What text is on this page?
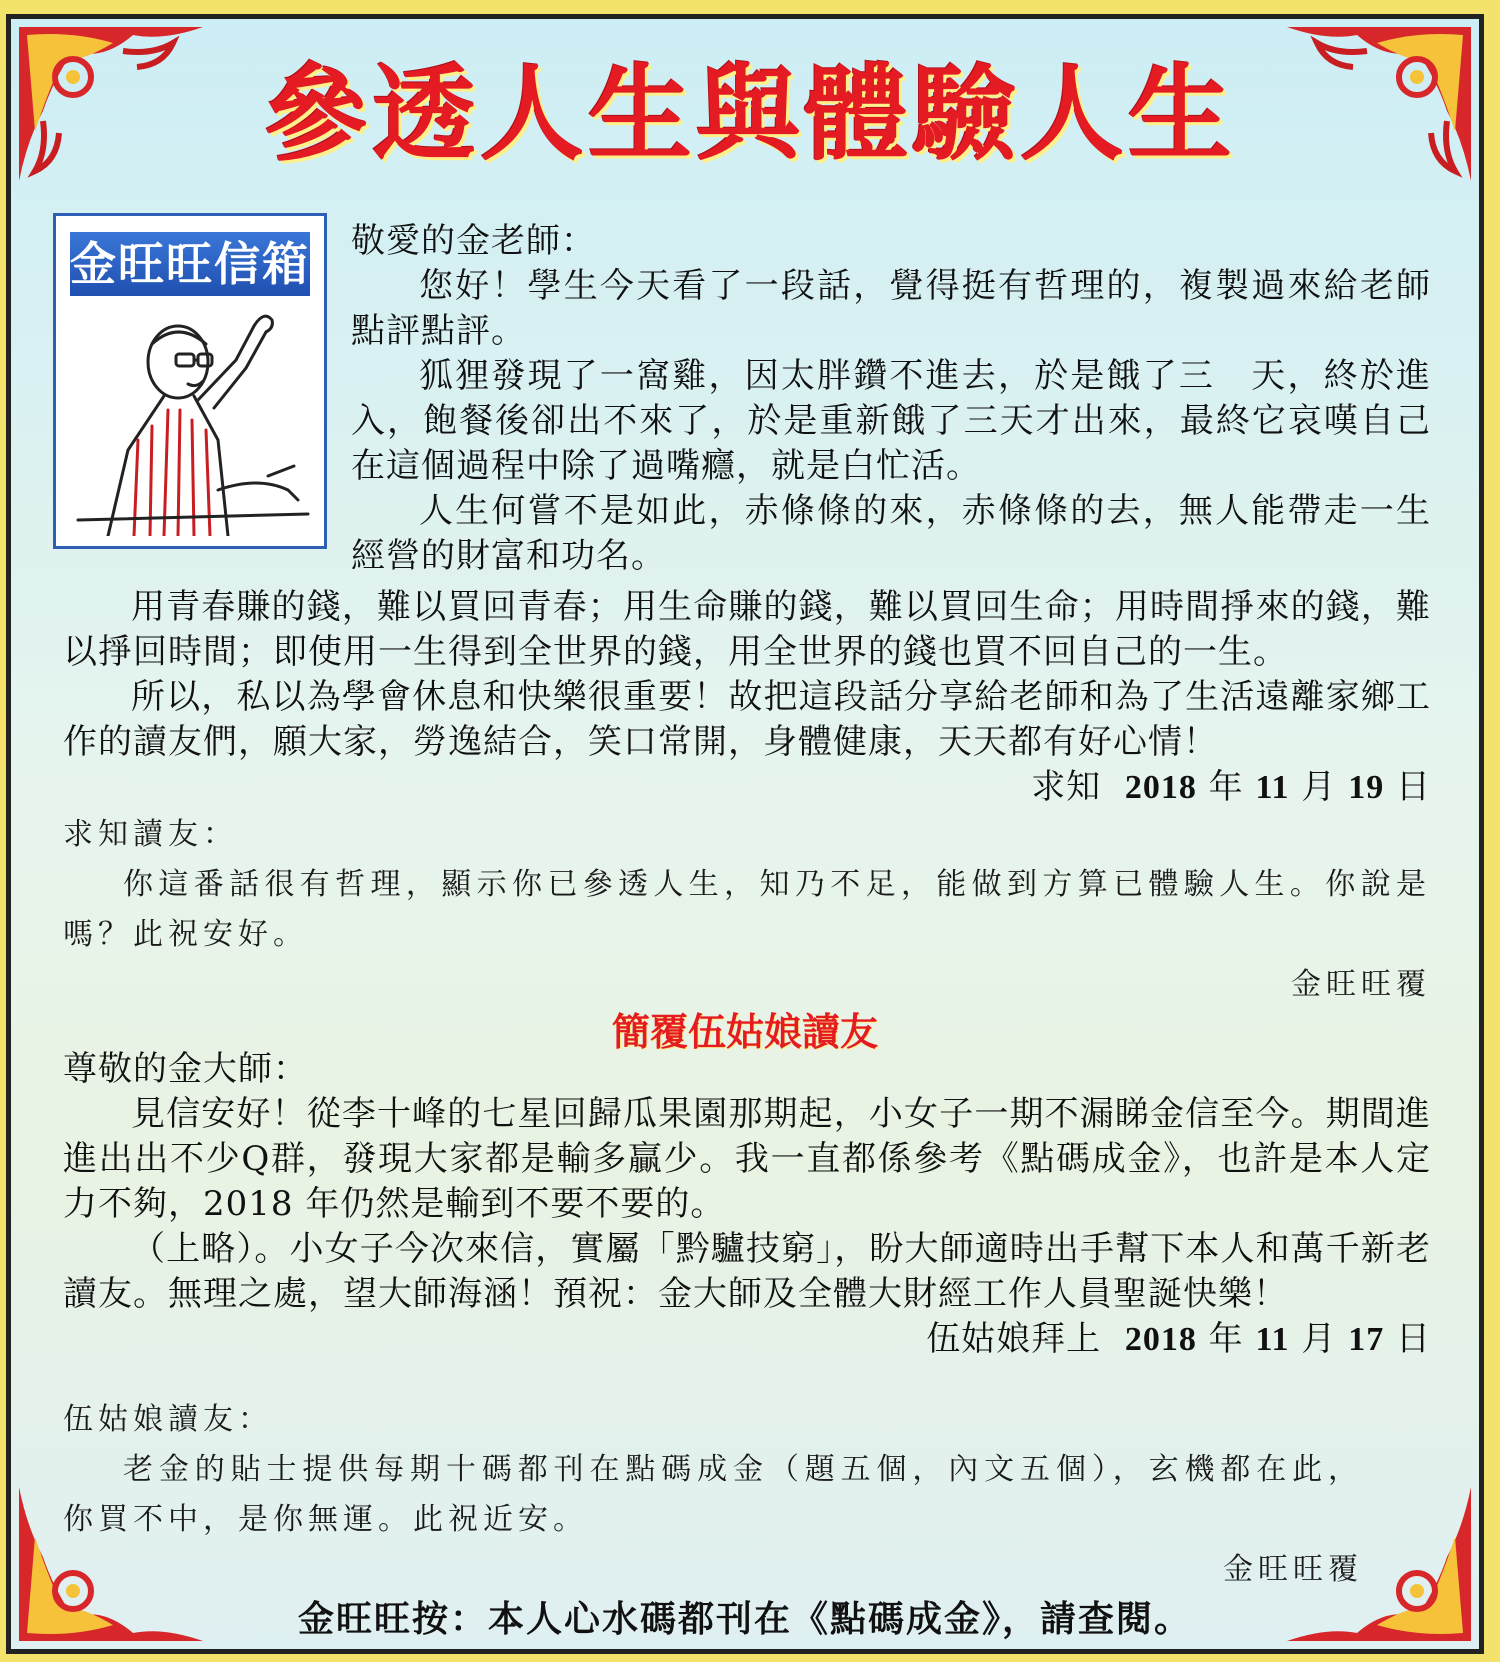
參透人生與體驗人生
金旺旺信箱 敬愛的金老師：

您好！學生今天看了一段話，覺得挺有哲理的，複製過來給老師點評點評。

狐狸發現了一窩雞，因太胖鑽不進去，於是餓了三　天，終於進入，飽餐後卻出不來了，於是重新餓了三天才出來，最終它哀嘆自己在這個過程中除了過嘴癮，就是白忙活。

人生何嘗不是如此，赤條條的來，赤條條的去，無人能帶走一生經營的財富和功名。

用青春賺的錢，難以買回青春；用生命賺的錢，難以買回生命；用時間掙來的錢，難以掙回時間；即使用一生得到全世界的錢，用全世界的錢也買不回自己的一生。

所以，私以為學會休息和快樂很重要！故把這段話分享給老師和為了生活遠離家鄉工作的讀友們，願大家，勞逸結合，笑口常開，身體健康，天天都有好心情！

求知 2018 年 11 月 19 日

求知讀友：

你這番話很有哲理，顯示你已參透人生，知乃不足，能做到方算已體驗人生。你說是嗎？此祝安好。

金旺旺覆

簡覆伍姑娘讀友

尊敬的金大師：

見信安好！從李十峰的七星回歸瓜果園那期起，小女子一期不漏睇金信至今。期間進進出出不少Q群，發現大家都是輸多贏少。我一直都係參考《點碼成金》，也許是本人定力不夠，2018 年仍然是輸到不要不要的。

（上略）。小女子今次來信，實屬「黔驢技窮」，盼大師適時出手幫下本人和萬千新老讀友。無理之處，望大師海涵！預祝：金大師及全體大財經工作人員聖誕快樂！

伍姑娘拜上 2018 年 11 月 17 日

伍姑娘讀友：

老金的貼士提供每期十碼都刊在點碼成金（題五個，內文五個），玄機都在此，你買不中，是你無運。此祝近安。

金旺旺覆

金旺旺按：本人心水碼都刊在《點碼成金》，請查閱。
